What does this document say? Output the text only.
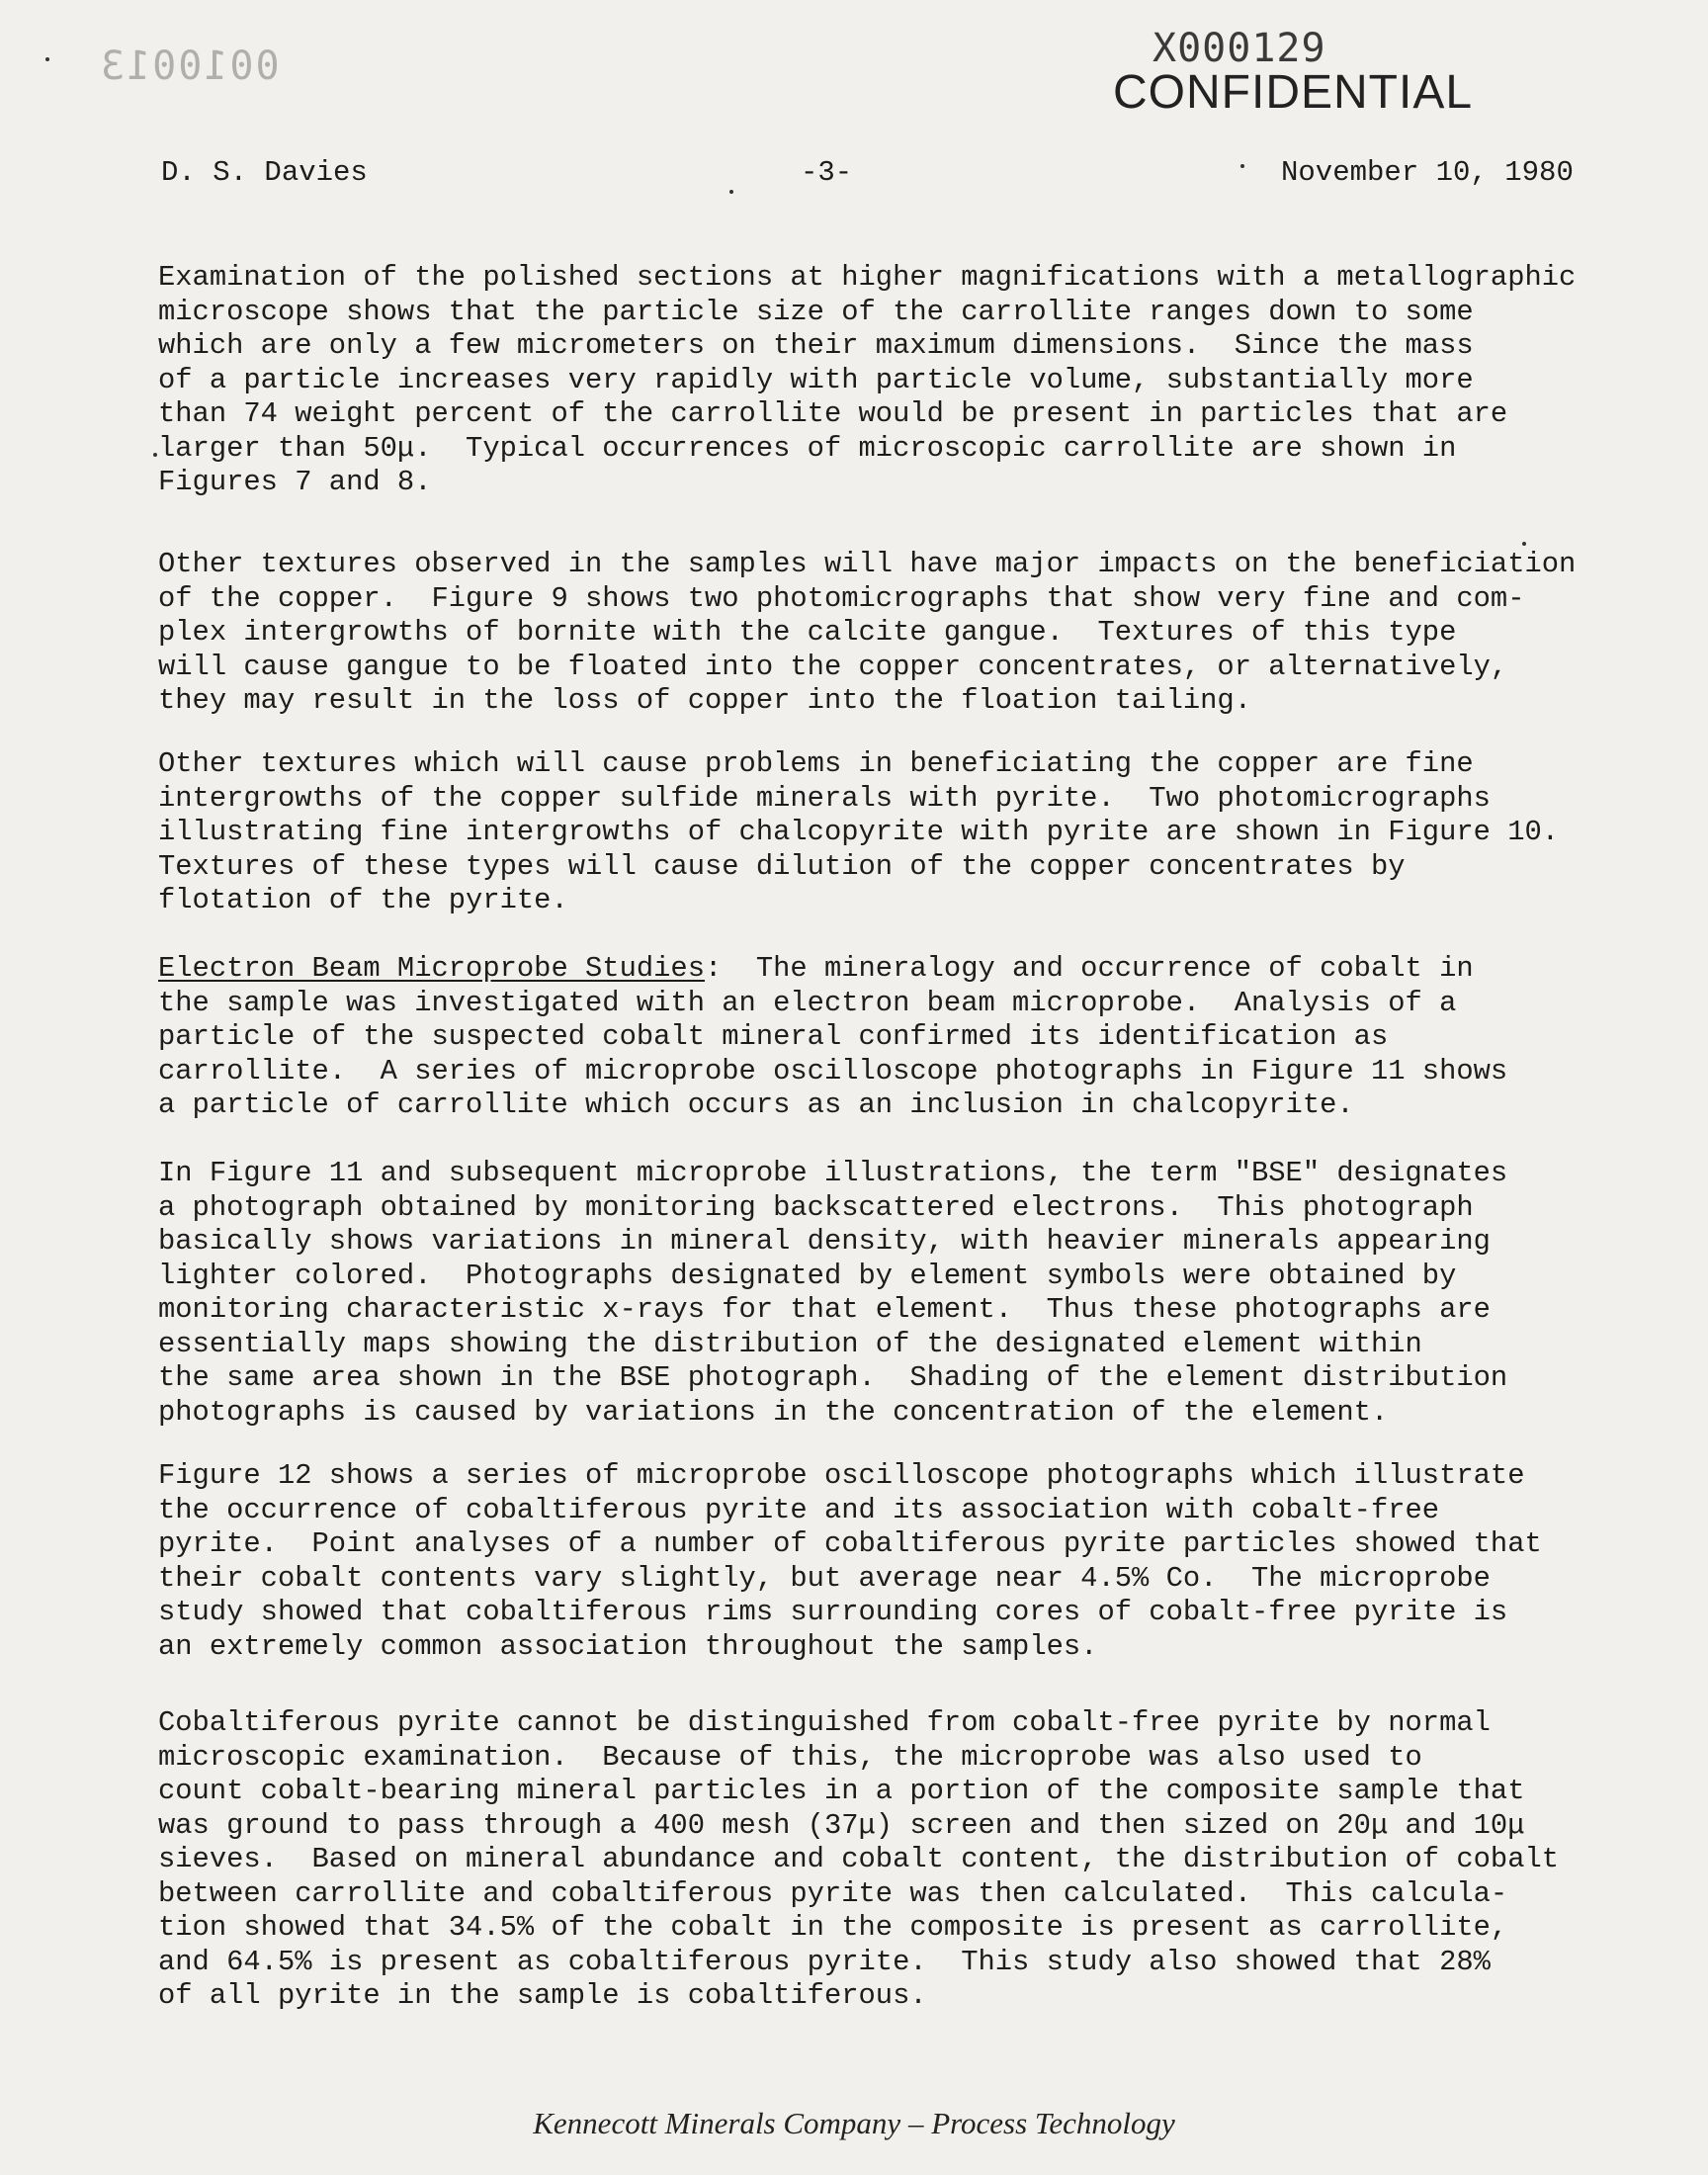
0010013	X000129
CONFIDENTIAL
D. S. Davies	-3-	November 10, 1980
Examination of the polished sections at higher magnifications with a metallographic
microscope shows that the particle size of the carrollite ranges down to some
which are only a few micrometers on their maximum dimensions.  Since the mass
of a particle increases very rapidly with particle volume, substantially more
than 74 weight percent of the carrollite would be present in particles that are
larger than 50μ.  Typical occurrences of microscopic carrollite are shown in
Figures 7 and 8.
Other textures observed in the samples will have major impacts on the beneficiation
of the copper.  Figure 9 shows two photomicrographs that show very fine and com-
plex intergrowths of bornite with the calcite gangue.  Textures of this type
will cause gangue to be floated into the copper concentrates, or alternatively,
they may result in the loss of copper into the floation tailing.
Other textures which will cause problems in beneficiating the copper are fine
intergrowths of the copper sulfide minerals with pyrite.  Two photomicrographs
illustrating fine intergrowths of chalcopyrite with pyrite are shown in Figure 10.
Textures of these types will cause dilution of the copper concentrates by
flotation of the pyrite.
Electron Beam Microprobe Studies:  The mineralogy and occurrence of cobalt in
the sample was investigated with an electron beam microprobe.  Analysis of a
particle of the suspected cobalt mineral confirmed its identification as
carrollite.  A series of microprobe oscilloscope photographs in Figure 11 shows
a particle of carrollite which occurs as an inclusion in chalcopyrite.
In Figure 11 and subsequent microprobe illustrations, the term "BSE" designates
a photograph obtained by monitoring backscattered electrons.  This photograph
basically shows variations in mineral density, with heavier minerals appearing
lighter colored.  Photographs designated by element symbols were obtained by
monitoring characteristic x-rays for that element.  Thus these photographs are
essentially maps showing the distribution of the designated element within
the same area shown in the BSE photograph.  Shading of the element distribution
photographs is caused by variations in the concentration of the element.
Figure 12 shows a series of microprobe oscilloscope photographs which illustrate
the occurrence of cobaltiferous pyrite and its association with cobalt-free
pyrite.  Point analyses of a number of cobaltiferous pyrite particles showed that
their cobalt contents vary slightly, but average near 4.5% Co.  The microprobe
study showed that cobaltiferous rims surrounding cores of cobalt-free pyrite is
an extremely common association throughout the samples.
Cobaltiferous pyrite cannot be distinguished from cobalt-free pyrite by normal
microscopic examination.  Because of this, the microprobe was also used to
count cobalt-bearing mineral particles in a portion of the composite sample that
was ground to pass through a 400 mesh (37μ) screen and then sized on 20μ and 10μ
sieves.  Based on mineral abundance and cobalt content, the distribution of cobalt
between carrollite and cobaltiferous pyrite was then calculated.  This calcula-
tion showed that 34.5% of the cobalt in the composite is present as carrollite,
and 64.5% is present as cobaltiferous pyrite.  This study also showed that 28%
of all pyrite in the sample is cobaltiferous.
Kennecott Minerals Company – Process Technology
